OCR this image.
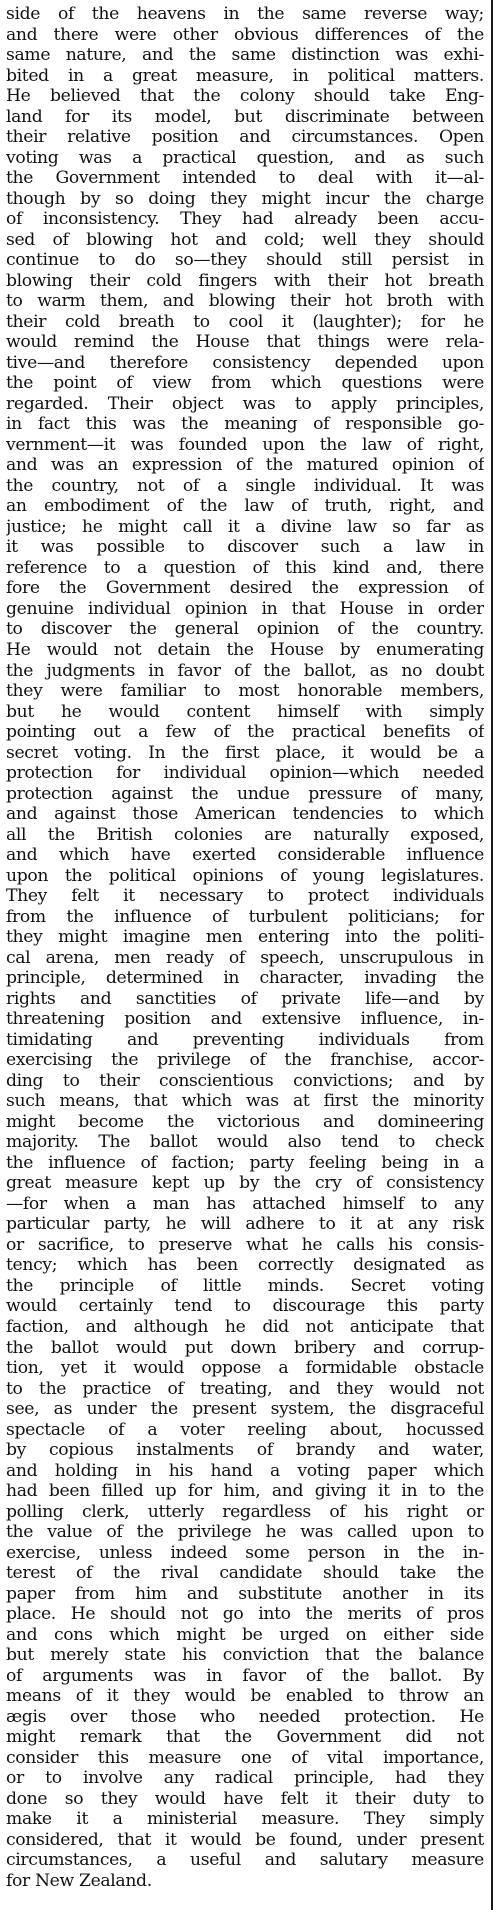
side of the heavens in the same reverse way;
and there were other obvious differences of the
same nature, and the same distinction was exhi-
bited in a great measure, in political matters.
He believed that the colony should take Eng-
land for its model, but discriminate between
their relative position and circumstances. Open
voting was a practical question, and as such
the Government intended to deal with it—al-
though by so doing they might incur the charge
of inconsistency. They had already been accu-
sed of blowing hot and cold; well they should
continue to do so—they should still persist in
blowing their cold fingers with their hot breath
to warm them, and blowing their hot broth with
their cold breath to cool it (laughter); for he
would remind the House that things were rela-
tive—and therefore consistency depended upon
the point of view from which questions were
regarded. Their object was to apply principles,
in fact this was the meaning of responsible go-
vernment—it was founded upon the law of right,
and was an expression of the matured opinion of
the country, not of a single individual. It was
an embodiment of the law of truth, right, and
justice; he might call it a divine law so far as
it was possible to discover such a law in
reference to a question of this kind and, there
fore the Government desired the expression of
genuine individual opinion in that House in order
to discover the general opinion of the country.
He would not detain the House by enumerating
the judgments in favor of the ballot, as no doubt
they were familiar to most honorable members,
but he would content himself with simply
pointing out a few of the practical benefits of
secret voting. In the first place, it would be a
protection for individual opinion—which needed
protection against the undue pressure of many,
and against those American tendencies to which
all the British colonies are naturally exposed,
and which have exerted considerable influence
upon the political opinions of young legislatures.
They felt it necessary to protect individuals
from the influence of turbulent politicians; for
they might imagine men entering into the politi-
cal arena, men ready of speech, unscrupulous in
principle, determined in character, invading the
rights and sanctities of private life—and by
threatening position and extensive influence, in-
timidating and preventing individuals from
exercising the privilege of the franchise, accor-
ding to their conscientious convictions; and by
such means, that which was at first the minority
might become the victorious and domineering
majority. The ballot would also tend to check
the influence of faction; party feeling being in a
great measure kept up by the cry of consistency
—for when a man has attached himself to any
particular party, he will adhere to it at any risk
or sacrifice, to preserve what he calls his consis-
tency; which has been correctly designated as
the principle of little minds. Secret voting
would certainly tend to discourage this party
faction, and although he did not anticipate that
the ballot would put down bribery and corrup-
tion, yet it would oppose a formidable obstacle
to the practice of treating, and they would not
see, as under the present system, the disgraceful
spectacle of a voter reeling about, hocussed
by copious instalments of brandy and water,
and holding in his hand a voting paper which
had been filled up for him, and giving it in to the
polling clerk, utterly regardless of his right or
the value of the privilege he was called upon to
exercise, unless indeed some person in the in-
terest of the rival candidate should take the
paper from him and substitute another in its
place. He should not go into the merits of pros
and cons which might be urged on either side
but merely state his conviction that the balance
of arguments was in favor of the ballot. By
means of it they would be enabled to throw an
ægis over those who needed protection. He
might remark that the Government did not
consider this measure one of vital importance,
or to involve any radical principle, had they
done so they would have felt it their duty to
make it a ministerial measure. They simply
considered, that it would be found, under present
circumstances, a useful and salutary measure
for New Zealand.
